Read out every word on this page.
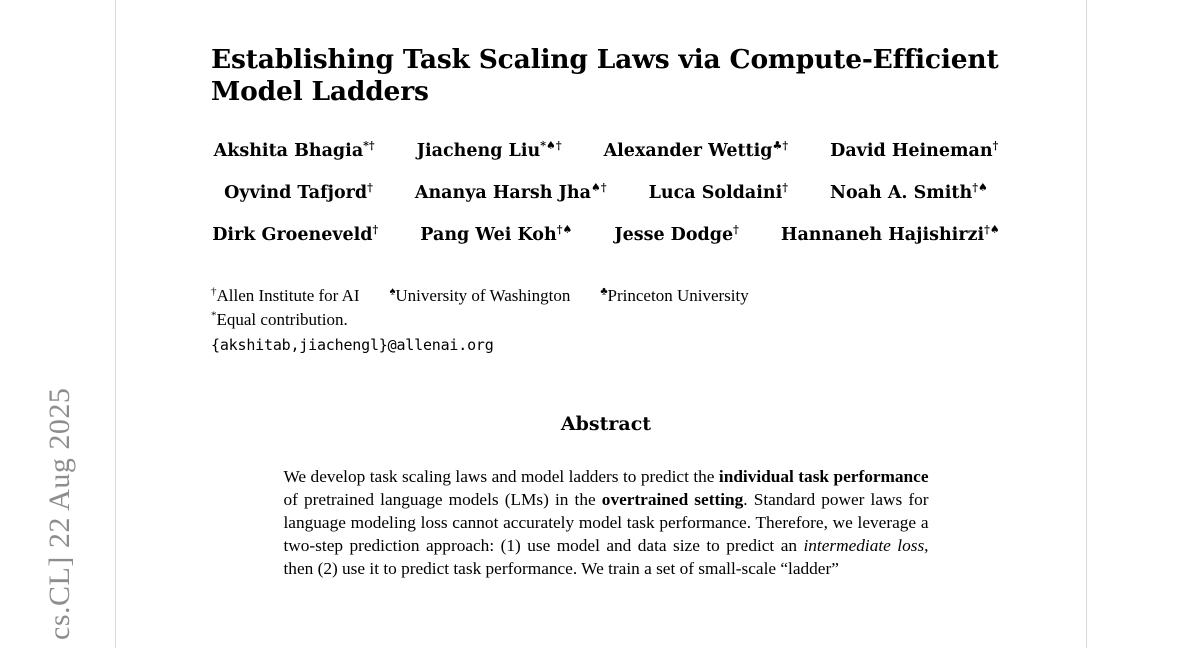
cs.CL] 22 Aug 2025
Establishing Task Scaling Laws via Compute-Efficient Model Ladders
Akshita Bhagia*† Jiacheng Liu*♠† Alexander Wettig♣† David Heineman†
Oyvind Tafjord† Ananya Harsh Jha♠† Luca Soldaini† Noah A. Smith†♠
Dirk Groeneveld† Pang Wei Koh†♠ Jesse Dodge† Hannaneh Hajishirzi†♠
†Allen Institute for AI	♠University of Washington	♣Princeton University
*Equal contribution.
{akshitab,jiachengl}@allenai.org
Abstract
We develop task scaling laws and model ladders to predict the individual task performance of pretrained language models (LMs) in the overtrained setting. Standard power laws for language modeling loss cannot accurately model task performance. Therefore, we leverage a two-step prediction approach: (1) use model and data size to predict an intermediate loss, then (2) use it to predict task performance. We train a set of small-scale “ladder”
